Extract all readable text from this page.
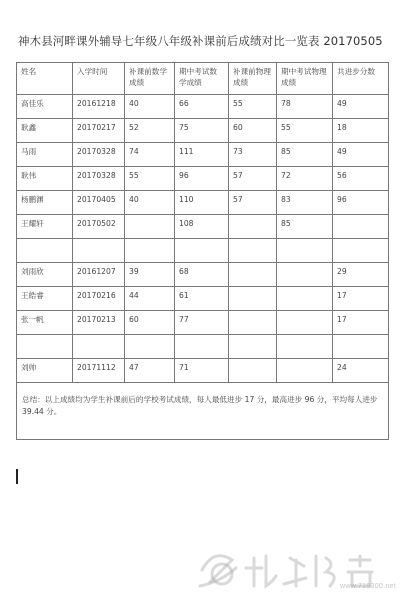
神木县河畔课外辅导七年级八年级补课前后成绩对比一览表 20170505
姓名	入学时间	补课前数学成绩	期中考试数学成绩	补课前物理成绩	期中考试物理成绩	共进步分数
高佳乐	20161218	40	66	55	78	49
耿鑫	20170217	52	75	60	55	18
马雨	20170328	74	111	73	85	49
耿伟	20170328	55	96	57	72	56
杨鹏渊	20170405	40	110	57	83	96
王耀轩	20170502		108		85	

刘雨欣	20161207	39	68			29
王皓睿	20170216	44	61			17
张一帆	20170213	60	77			17

刘帅	20171112	47	71			24
总结：以上成绩均为学生补课前后的学校考试成绩，每人最低进步 17 分，最高进步 96 分，平均每人进步 39.44 分。						
www.719300.net
